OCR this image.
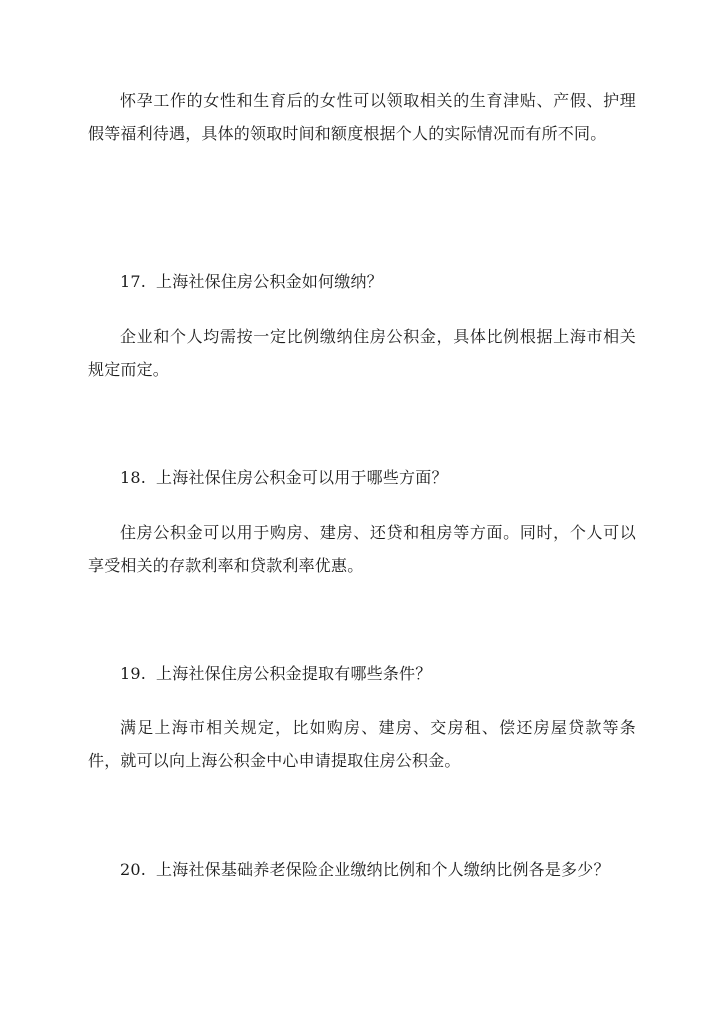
怀孕工作的女性和生育后的女性可以领取相关的生育津贴、产假、护理假等福利待遇，具体的领取时间和额度根据个人的实际情况而有所不同。

17. 上海社保住房公积金如何缴纳？

企业和个人均需按一定比例缴纳住房公积金，具体比例根据上海市相关规定而定。

18. 上海社保住房公积金可以用于哪些方面？

住房公积金可以用于购房、建房、还贷和租房等方面。同时，个人可以享受相关的存款利率和贷款利率优惠。

19. 上海社保住房公积金提取有哪些条件？

满足上海市相关规定，比如购房、建房、交房租、偿还房屋贷款等条件，就可以向上海公积金中心申请提取住房公积金。

20. 上海社保基础养老保险企业缴纳比例和个人缴纳比例各是多少？
